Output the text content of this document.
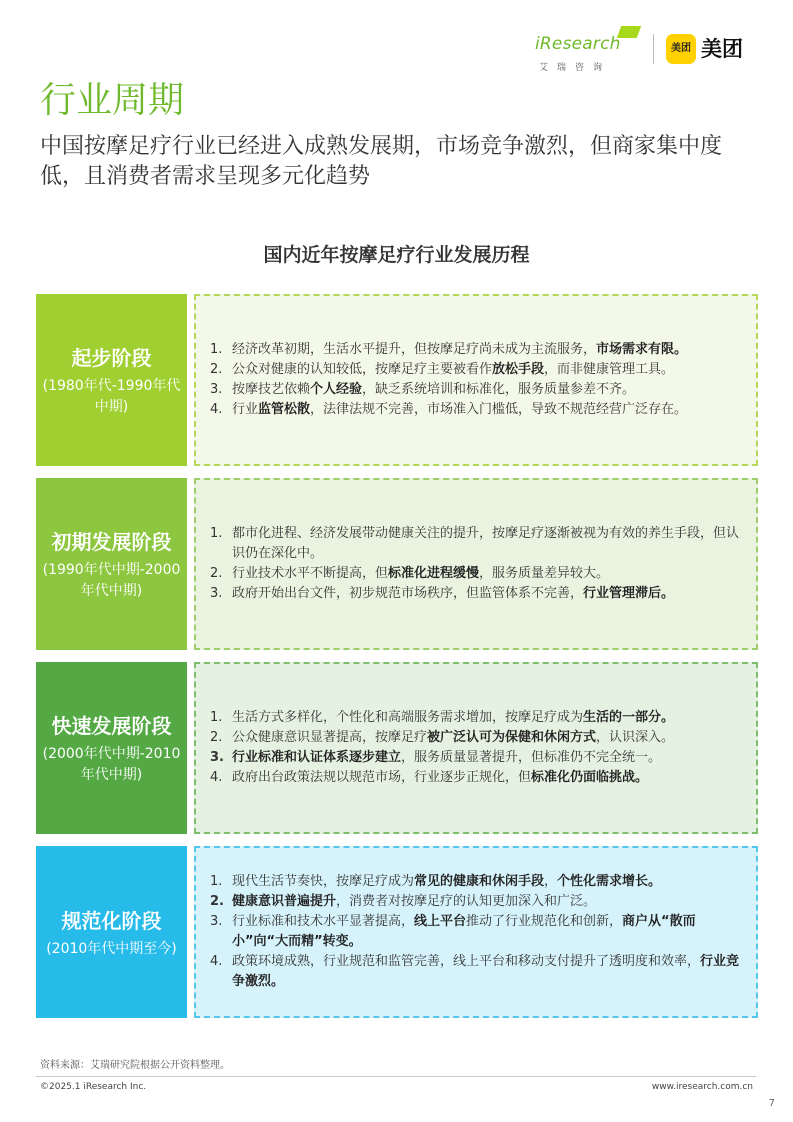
iResearch
艾瑞咨询
美团 美团
行业周期
中国按摩足疗行业已经进入成熟发展期，市场竞争激烈，但商家集中度低，且消费者需求呈现多元化趋势
国内近年按摩足疗行业发展历程
起步阶段
(1980年代-1990年代中期)
1. 经济改革初期，生活水平提升，但按摩足疗尚未成为主流服务，市场需求有限。
2. 公众对健康的认知较低，按摩足疗主要被看作放松手段，而非健康管理工具。
3. 按摩技艺依赖个人经验，缺乏系统培训和标准化，服务质量参差不齐。
4. 行业监管松散，法律法规不完善，市场准入门槛低，导致不规范经营广泛存在。
初期发展阶段
(1990年代中期-2000年代中期)
1. 都市化进程、经济发展带动健康关注的提升，按摩足疗逐渐被视为有效的养生手段，但认识仍在深化中。
2. 行业技术水平不断提高，但标准化进程缓慢，服务质量差异较大。
3. 政府开始出台文件，初步规范市场秩序，但监管体系不完善，行业管理滞后。
快速发展阶段
(2000年代中期-2010年代中期)
1. 生活方式多样化，个性化和高端服务需求增加，按摩足疗成为生活的一部分。
2. 公众健康意识显著提高，按摩足疗被广泛认可为保健和休闲方式，认识深入。
3. 行业标准和认证体系逐步建立，服务质量显著提升，但标准仍不完全统一。
4. 政府出台政策法规以规范市场，行业逐步正规化，但标准化仍面临挑战。
规范化阶段
(2010年代中期至今)
1. 现代生活节奏快，按摩足疗成为常见的健康和休闲手段，个性化需求增长。
2. 健康意识普遍提升，消费者对按摩足疗的认知更加深入和广泛。
3. 行业标准和技术水平显著提高，线上平台推动了行业规范化和创新，商户从“散而小”向“大而精”转变。
4. 政策环境成熟，行业规范和监管完善，线上平台和移动支付提升了透明度和效率，行业竞争激烈。
资料来源：艾瑞研究院根据公开资料整理。
©2025.1 iResearch Inc.	www.iresearch.com.cn
7
